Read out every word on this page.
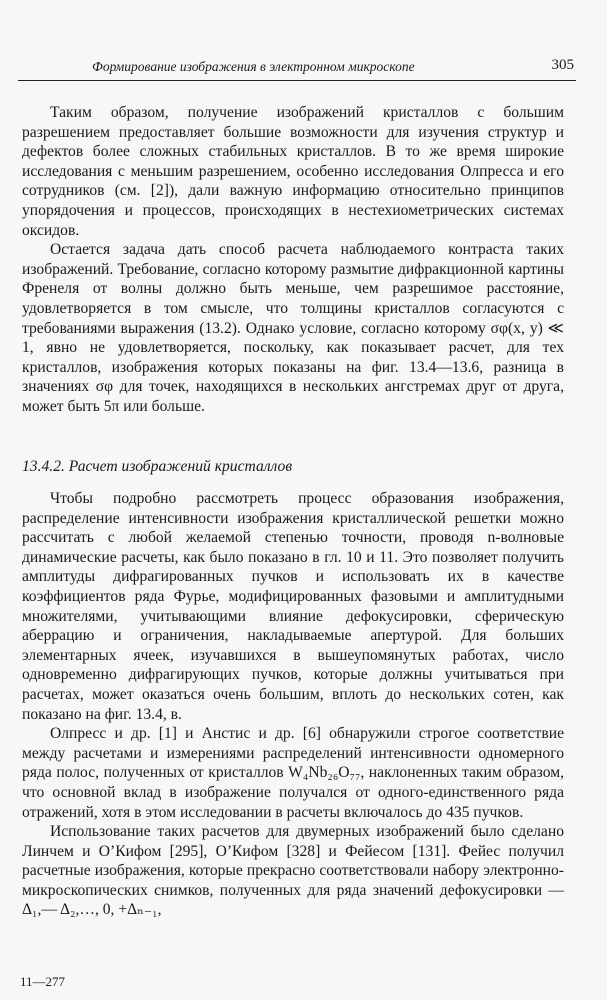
Формирование изображения в электронном микроскопе	305

Таким образом, получение изображений кристаллов с большим разрешением предоставляет большие возможности для изучения структур и дефектов более сложных стабильных кристаллов. В то же время широкие исследования с меньшим разрешением, особенно исследования Олпресса и его сотрудников (см. [2]), дали важную информацию относительно принципов упорядочения и процессов, происходящих в нестехиометрических системах оксидов.

Остается задача дать способ расчета наблюдаемого контраста таких изображений. Требование, согласно которому размытие дифракционной картины Френеля от волны должно быть меньше, чем разрешимое расстояние, удовлетворяется в том смысле, что толщины кристаллов согласуются с требованиями выражения (13.2). Однако условие, согласно которому σφ(x, y) ≪ 1, явно не удовлетворяется, поскольку, как показывает расчет, для тех кристаллов, изображения которых показаны на фиг. 13.4—13.6, разница в значениях σφ для точек, находящихся в нескольких ангстремах друг от друга, может быть 5π или больше.

13.4.2. Расчет изображений кристаллов

Чтобы подробно рассмотреть процесс образования изображения, распределение интенсивности изображения кристаллической решетки можно рассчитать с любой желаемой степенью точности, проводя n-волновые динамические расчеты, как было показано в гл. 10 и 11. Это позволяет получить амплитуды дифрагированных пучков и использовать их в качестве коэффициентов ряда Фурье, модифицированных фазовыми и амплитудными множителями, учитывающими влияние дефокусировки, сферическую аберрацию и ограничения, накладываемые апертурой. Для больших элементарных ячеек, изучавшихся в вышеупомянутых работах, число одновременно дифрагирующих пучков, которые должны учитываться при расчетах, может оказаться очень большим, вплоть до нескольких сотен, как показано на фиг. 13.4, в.

Олпресс и др. [1] и Анстис и др. [6] обнаружили строгое соответствие между расчетами и измерениями распределений интенсивности одномерного ряда полос, полученных от кристаллов W₄Nb₂₆O₇₇, наклоненных таким образом, что основной вклад в изображение получался от одного-единственного ряда отражений, хотя в этом исследовании в расчеты включалось до 435 пучков.

Использование таких расчетов для двумерных изображений было сделано Линчем и О’Кифом [295], О’Кифом [328] и Фейесом [131]. Фейес получил расчетные изображения, которые прекрасно соответствовали набору электронно-микроскопических снимков, полученных для ряда значений дефокусировки —Δ₁,— Δ₂,…, 0, +Δₙ₋₁,

11—277
